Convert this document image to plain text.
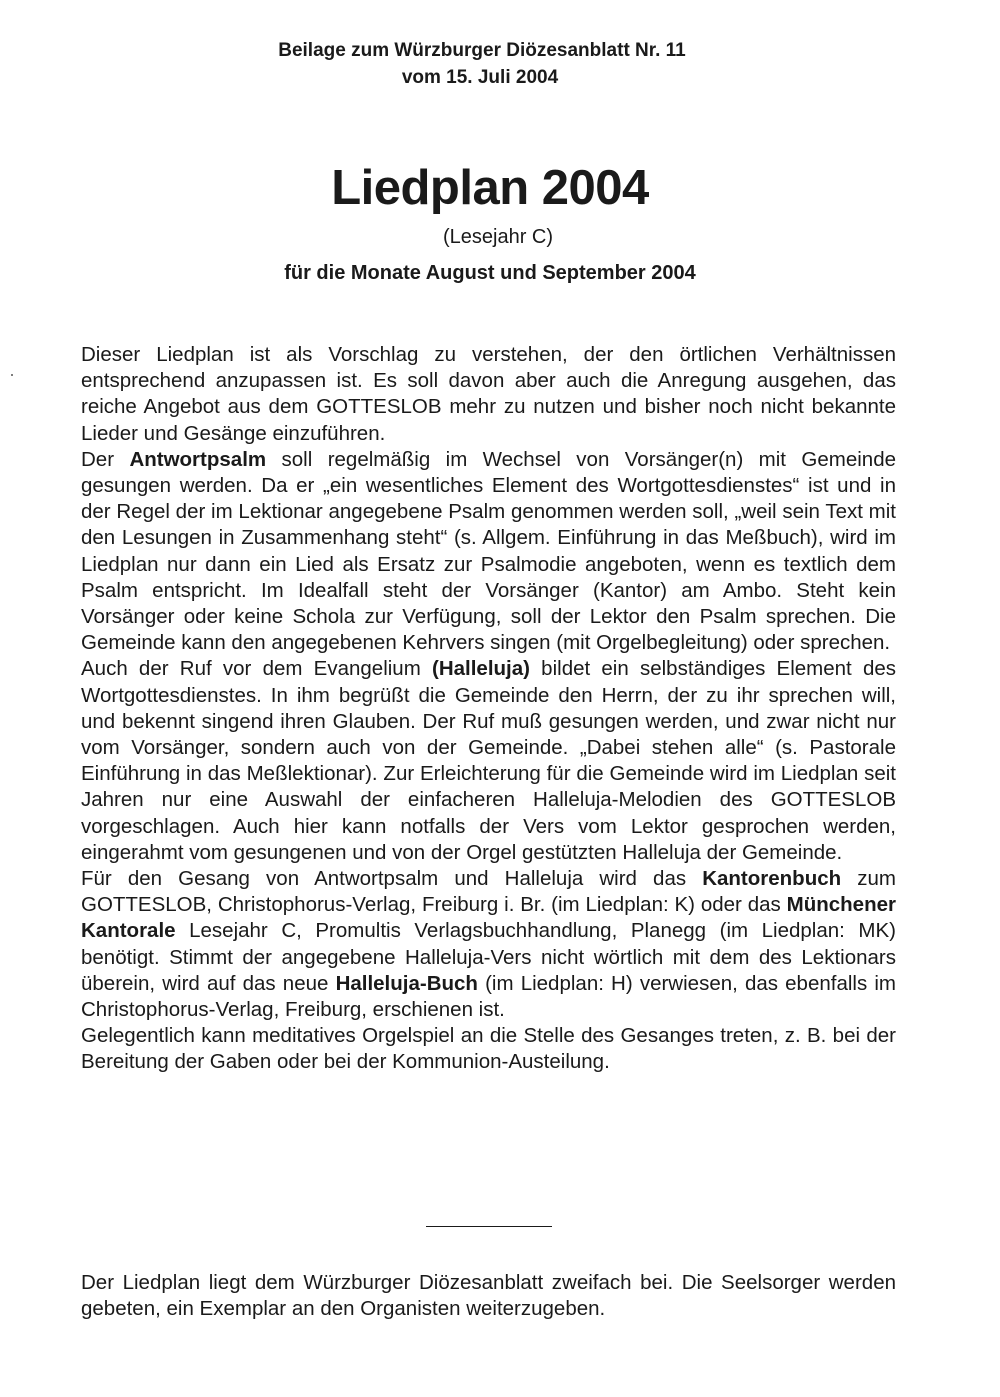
Beilage zum Würzburger Diözesanblatt Nr. 11
vom 15. Juli 2004
Liedplan 2004
(Lesejahr C)
für die Monate August und September 2004

Dieser Liedplan ist als Vorschlag zu verstehen, der den örtlichen Verhältnissen entsprechend anzupassen ist. Es soll davon aber auch die Anregung ausgehen, das reiche Angebot aus dem GOTTESLOB mehr zu nutzen und bisher noch nicht bekannte Lieder und Gesänge einzuführen.

Der Antwortpsalm soll regelmäßig im Wechsel von Vorsänger(n) mit Gemeinde gesungen werden. Da er „ein wesentliches Element des Wortgottesdienstes“ ist und in der Regel der im Lektionar angegebene Psalm genommen werden soll, „weil sein Text mit den Lesungen in Zusammenhang steht“ (s. Allgem. Einführung in das Meßbuch), wird im Liedplan nur dann ein Lied als Ersatz zur Psalmodie angeboten, wenn es textlich dem Psalm entspricht. Im Idealfall steht der Vorsänger (Kantor) am Ambo. Steht kein Vorsänger oder keine Schola zur Verfügung, soll der Lektor den Psalm sprechen. Die Gemeinde kann den angegebenen Kehrvers singen (mit Orgelbegleitung) oder sprechen.

Auch der Ruf vor dem Evangelium (Halleluja) bildet ein selbständiges Element des Wortgottesdienstes. In ihm begrüßt die Gemeinde den Herrn, der zu ihr sprechen will, und bekennt singend ihren Glauben. Der Ruf muß gesungen werden, und zwar nicht nur vom Vorsänger, sondern auch von der Gemeinde. „Dabei stehen alle“ (s. Pastorale Einführung in das Meßlektionar). Zur Erleichterung für die Gemeinde wird im Liedplan seit Jahren nur eine Auswahl der einfacheren Halleluja-Melodien des GOTTESLOB vorgeschlagen. Auch hier kann notfalls der Vers vom Lektor gesprochen werden, eingerahmt vom gesungenen und von der Orgel gestützten Halleluja der Gemeinde.

Für den Gesang von Antwortpsalm und Halleluja wird das Kantorenbuch zum GOTTESLOB, Christophorus-Verlag, Freiburg i. Br. (im Liedplan: K) oder das Münchener Kantorale Lesejahr C, Promultis Verlagsbuchhandlung, Planegg (im Liedplan: MK) benötigt. Stimmt der angegebene Halleluja-Vers nicht wörtlich mit dem des Lektionars überein, wird auf das neue Halleluja-Buch (im Liedplan: H) verwiesen, das ebenfalls im Christophorus-Verlag, Freiburg, erschienen ist.

Gelegentlich kann meditatives Orgelspiel an die Stelle des Gesanges treten, z. B. bei der Bereitung der Gaben oder bei der Kommunion-Austeilung.

Der Liedplan liegt dem Würzburger Diözesanblatt zweifach bei. Die Seelsorger werden gebeten, ein Exemplar an den Organisten weiterzugeben.
